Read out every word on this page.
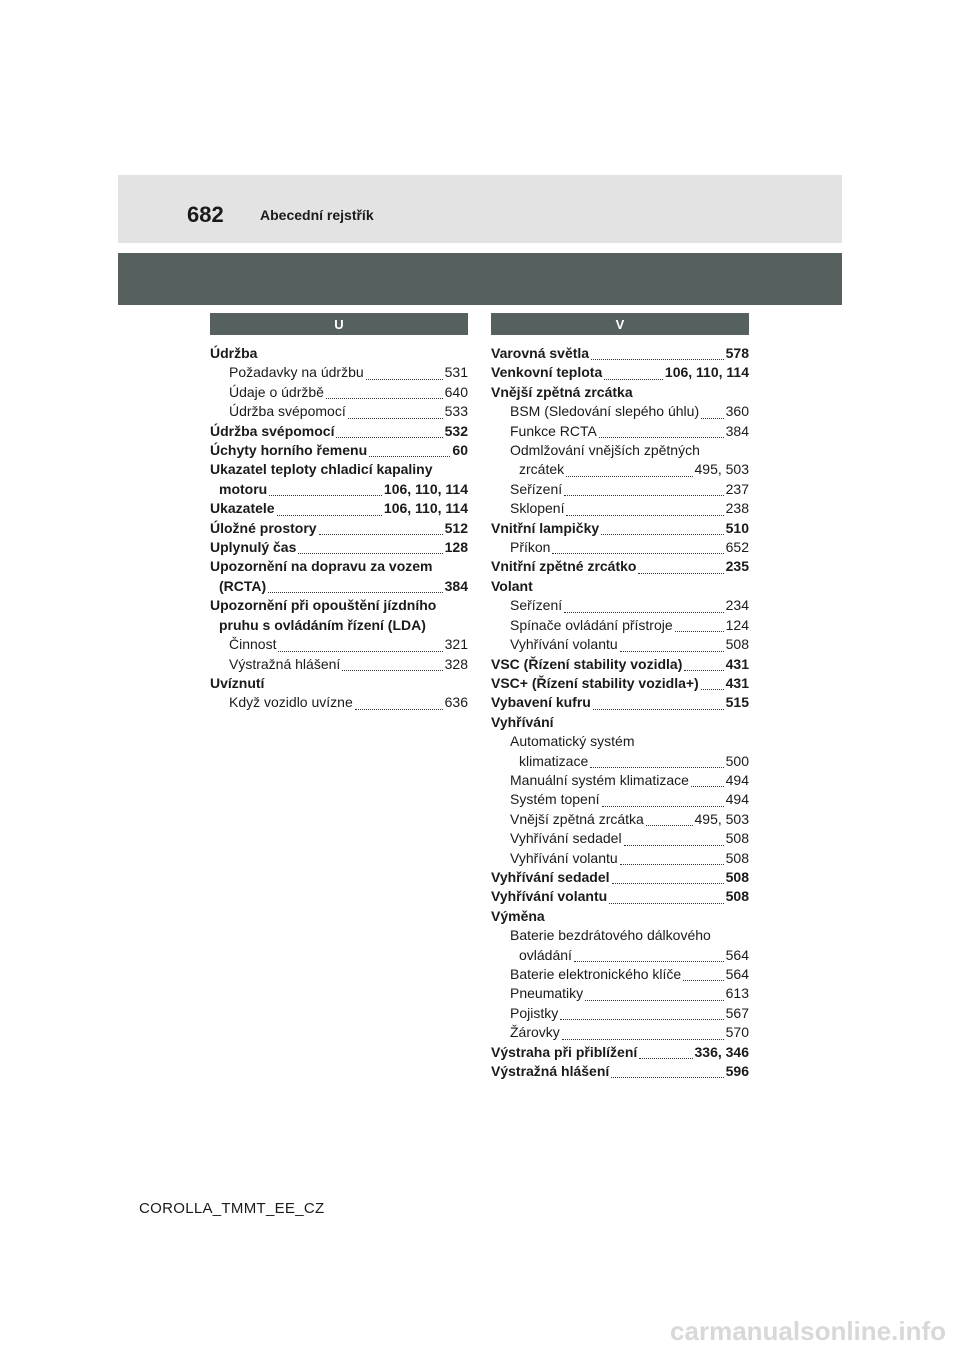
682	Abecední rejstřík
U
Údržba
Požadavky na údržbu	531
Údaje o údržbě	640
Údržba svépomocí	533
Údržba svépomocí	532
Úchyty horního řemenu	60
Ukazatel teploty chladicí kapaliny
motoru	106, 110, 114
Ukazatele	106, 110, 114
Úložné prostory	512
Uplynulý čas	128
Upozornění na dopravu za vozem
(RCTA)	384
Upozornění při opouštění jízdního
pruhu s ovládáním řízení (LDA)
Činnost	321
Výstražná hlášení	328
Uvíznutí
Když vozidlo uvízne	636
V
Varovná světla	578
Venkovní teplota	106, 110, 114
Vnější zpětná zrcátka
BSM (Sledování slepého úhlu) 360
Funkce RCTA	384
Odmlžování vnějších zpětných
zrcátek	495, 503
Seřízení	237
Sklopení	238
Vnitřní lampičky	510
Příkon	652
Vnitřní zpětné zrcátko	235
Volant
Seřízení	234
Spínače ovládání přístroje	124
Vyhřívání volantu	508
VSC (Řízení stability vozidla)	431
VSC+ (Řízení stability vozidla+) 431
Vybavení kufru	515
Vyhřívání
Automatický systém
klimatizace	500
Manuální systém klimatizace	494
Systém topení	494
Vnější zpětná zrcátka	495, 503
Vyhřívání sedadel	508
Vyhřívání volantu	508
Vyhřívání sedadel	508
Vyhřívání volantu	508
Výměna
Baterie bezdrátového dálkového
ovládání	564
Baterie elektronického klíče	564
Pneumatiky	613
Pojistky	567
Žárovky	570
Výstraha při přiblížení	336, 346
Výstražná hlášení	596
COROLLA_TMMT_EE_CZ
carmanualsonline.info
